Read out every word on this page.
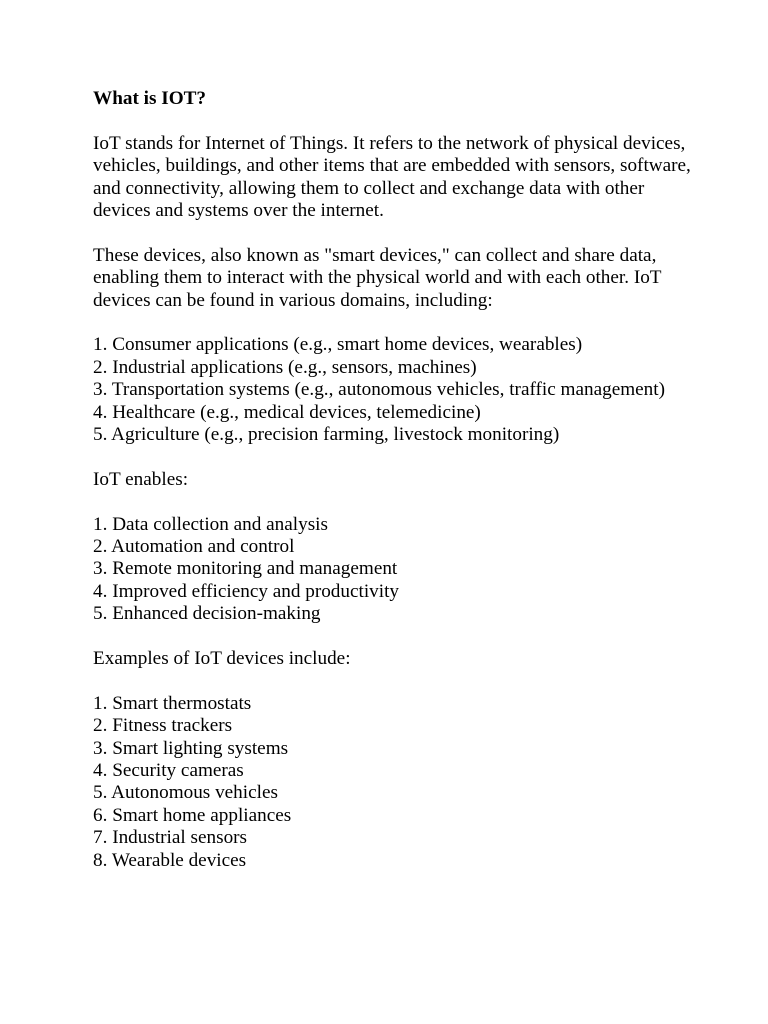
What is IOT?

IoT stands for Internet of Things. It refers to the network of physical devices, vehicles, buildings, and other items that are embedded with sensors, software, and connectivity, allowing them to collect and exchange data with other devices and systems over the internet.

These devices, also known as "smart devices," can collect and share data, enabling them to interact with the physical world and with each other. IoT devices can be found in various domains, including:

1. Consumer applications (e.g., smart home devices, wearables)
2. Industrial applications (e.g., sensors, machines)
3. Transportation systems (e.g., autonomous vehicles, traffic management)
4. Healthcare (e.g., medical devices, telemedicine)
5. Agriculture (e.g., precision farming, livestock monitoring)

IoT enables:

1. Data collection and analysis
2. Automation and control
3. Remote monitoring and management
4. Improved efficiency and productivity
5. Enhanced decision-making

Examples of IoT devices include:

1. Smart thermostats
2. Fitness trackers
3. Smart lighting systems
4. Security cameras
5. Autonomous vehicles
6. Smart home appliances
7. Industrial sensors
8. Wearable devices
